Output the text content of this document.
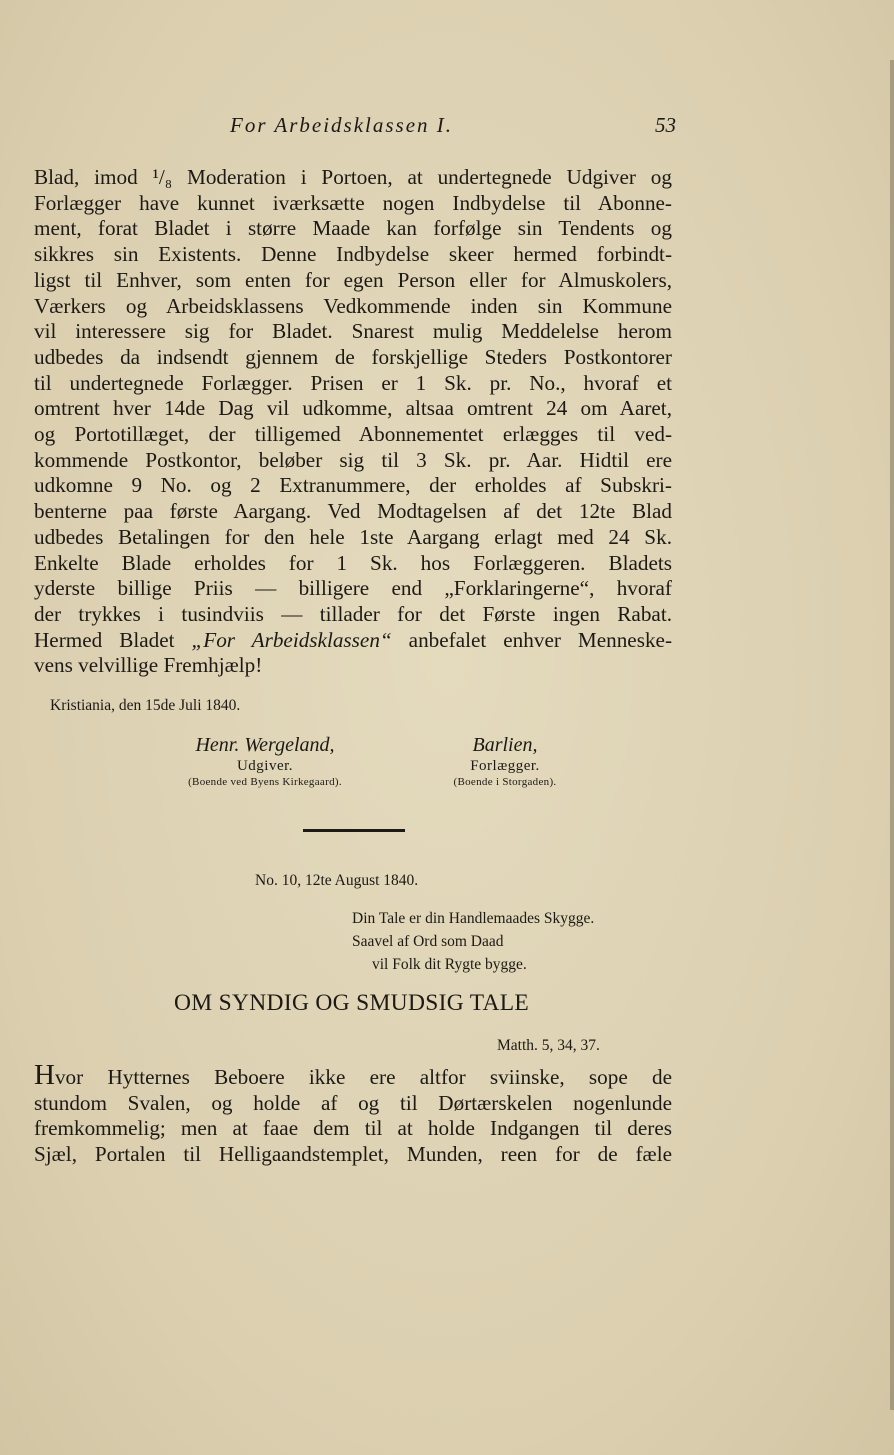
For Arbeidsklassen I.	53

Blad, imod ¹/₈ Moderation i Portoen, at undertegnede Udgiver og
Forlægger have kunnet iværksætte nogen Indbydelse til Abonne-
ment, forat Bladet i større Maade kan forfølge sin Tendents og
sikkres sin Existents. Denne Indbydelse skeer hermed forbindt-
ligst til Enhver, som enten for egen Person eller for Almuskolers,
Værkers og Arbeidsklassens Vedkommende inden sin Kommune
vil interessere sig for Bladet. Snarest mulig Meddelelse herom
udbedes da indsendt gjennem de forskjellige Steders Postkontorer
til undertegnede Forlægger. Prisen er 1 Sk. pr. No., hvoraf et
omtrent hver 14de Dag vil udkomme, altsaa omtrent 24 om Aaret,
og Portotillæget, der tilligemed Abonnementet erlægges til ved-
kommende Postkontor, beløber sig til 3 Sk. pr. Aar. Hidtil ere
udkomne 9 No. og 2 Extranummere, der erholdes af Subskri-
benterne paa første Aargang. Ved Modtagelsen af det 12te Blad
udbedes Betalingen for den hele 1ste Aargang erlagt med 24 Sk.
Enkelte Blade erholdes for 1 Sk. hos Forlæggeren. Bladets
yderste billige Priis — billigere end „Forklaringerne“, hvoraf
der trykkes i tusindviis — tillader for det Første ingen Rabat.
Hermed Bladet „For Arbeidsklassen“ anbefalet enhver Menneske-
vens velvillige Fremhjælp!

Kristiania, den 15de Juli 1840.
Henr. Wergeland,
Udgiver.
(Boende ved Byens Kirkegaard).
Barlien,
Forlægger.
(Boende i Storgaden).
No. 10, 12te August 1840.
Din Tale er din Handlemaades Skygge.
Saavel af Ord som Daad
vil Folk dit Rygte bygge.
OM SYNDIG OG SMUDSIG TALE
Matth. 5, 34, 37.

Hvor Hytternes Beboere ikke ere altfor sviinske, sope de
stundom Svalen, og holde af og til Dørtærskelen nogenlunde
fremkommelig; men at faae dem til at holde Indgangen til deres
Sjæl, Portalen til Helligaandstemplet, Munden, reen for de fæle
